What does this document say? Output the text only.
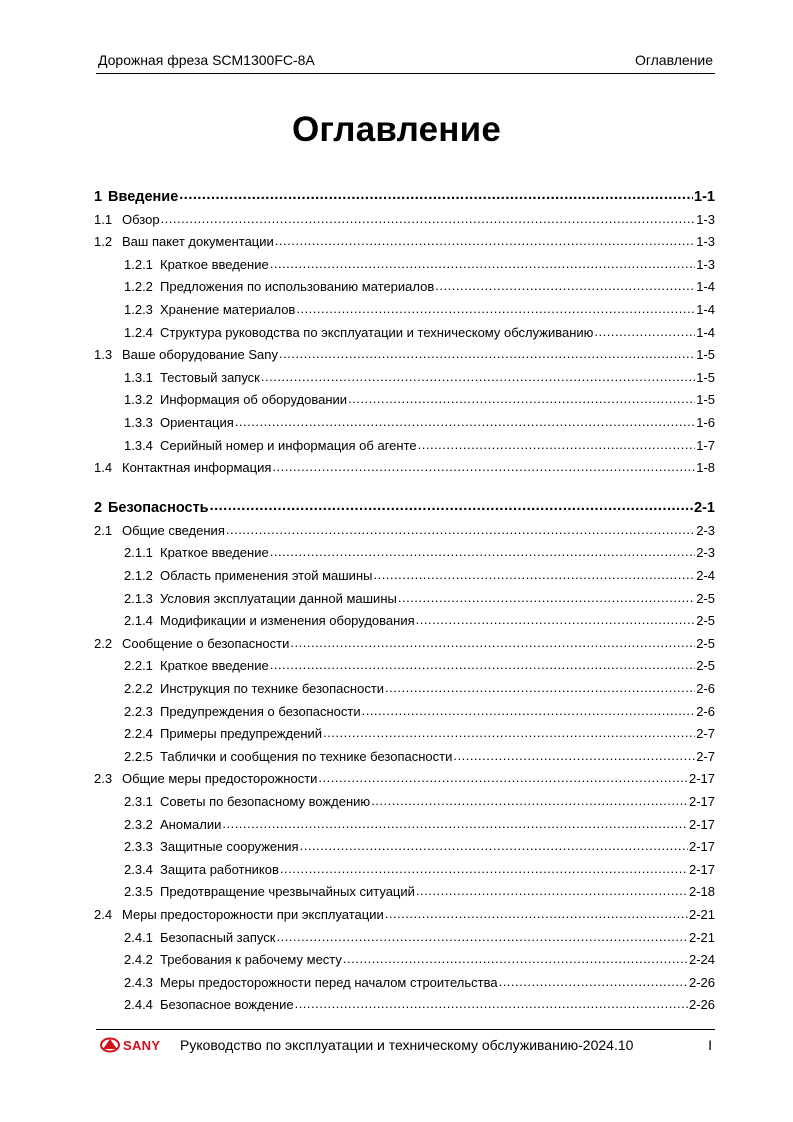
Дорожная фреза SCM1300FC-8A	Оглавление
Оглавление
1 Введение .....	1-1
1.1 Обзор .....	1-3
1.2 Ваш пакет документации .....	1-3
1.2.1 Краткое введение .....	1-3
1.2.2 Предложения по использованию материалов .....	1-4
1.2.3 Хранение материалов .....	1-4
1.2.4 Структура руководства по эксплуатации и техническому обслуживанию .....	1-4
1.3 Ваше оборудование Sany .....	1-5
1.3.1 Тестовый запуск .....	1-5
1.3.2 Информация об оборудовании .....	1-5
1.3.3 Ориентация .....	1-6
1.3.4 Серийный номер и информация об агенте .....	1-7
1.4 Контактная информация .....	1-8
2 Безопасность .....	2-1
2.1 Общие сведения .....	2-3
2.1.1 Краткое введение .....	2-3
2.1.2 Область применения этой машины .....	2-4
2.1.3 Условия эксплуатации данной машины .....	2-5
2.1.4 Модификации и изменения оборудования .....	2-5
2.2 Сообщение о безопасности .....	2-5
2.2.1 Краткое введение .....	2-5
2.2.2 Инструкция по технике безопасности .....	2-6
2.2.3 Предупреждения о безопасности .....	2-6
2.2.4 Примеры предупреждений .....	2-7
2.2.5 Таблички и сообщения по технике безопасности .....	2-7
2.3 Общие меры предосторожности .....	2-17
2.3.1 Советы по безопасному вождению .....	2-17
2.3.2 Аномалии .....	2-17
2.3.3 Защитные сооружения .....	2-17
2.3.4 Защита работников .....	2-17
2.3.5 Предотвращение чрезвычайных ситуаций .....	2-18
2.4 Меры предосторожности при эксплуатации .....	2-21
2.4.1 Безопасный запуск .....	2-21
2.4.2 Требования к рабочему месту .....	2-24
2.4.3 Меры предосторожности перед началом строительства .....	2-26
2.4.4 Безопасное вождение .....	2-26
SANY Руководство по эксплуатации и техническому обслуживанию-2024.10	I
